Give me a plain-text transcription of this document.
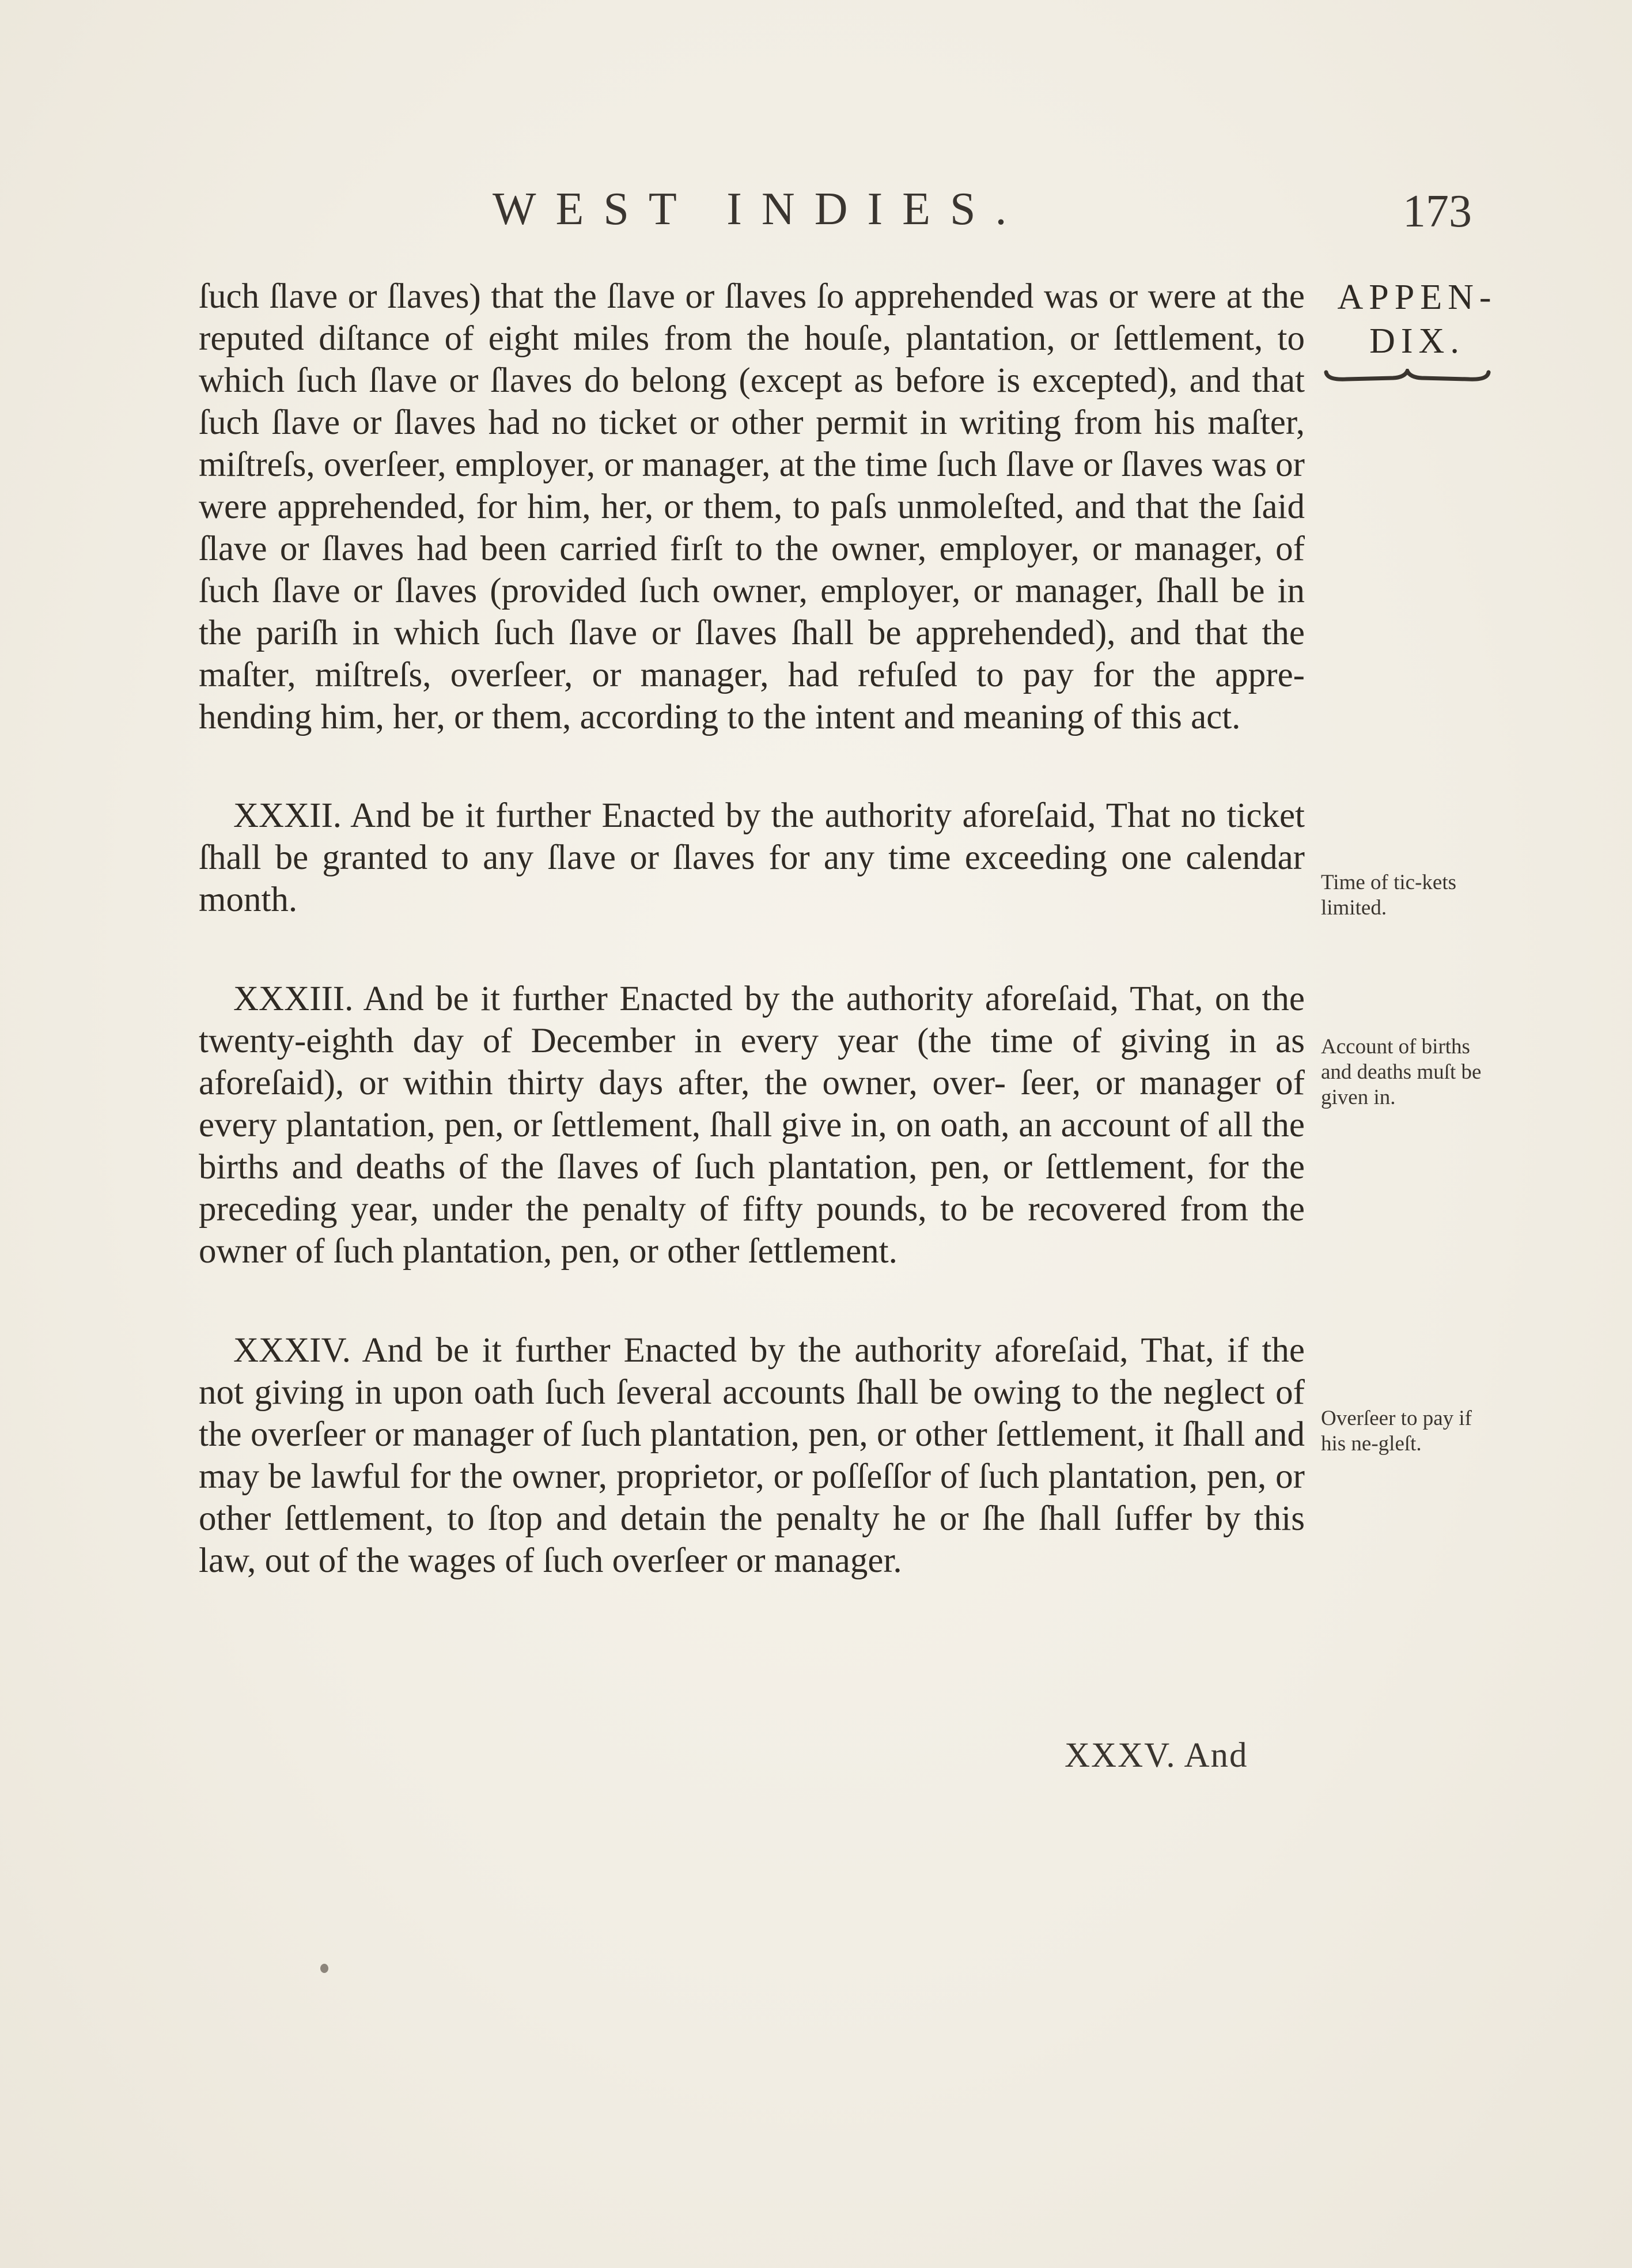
WEST INDIES.	173
APPEN-
DIX.

ſuch ſlave or ſlaves) that the ſlave or ſlaves ſo apprehended was or were at the reputed diſtance of eight miles from the houſe, plantation, or ſettlement, to which ſuch ſlave or ſlaves do belong (except as before is excepted), and that ſuch ſlave or ſlaves had no ticket or other permit in writing from his maſter, miſtreſs, overſeer, employer, or manager, at the time ſuch ſlave or ſlaves was or were apprehended, for him, her, or them, to paſs unmoleſted, and that the ſaid ſlave or ſlaves had been carried firſt to the owner, employer, or manager, of ſuch ſlave or ſlaves (provided ſuch owner, employer, or manager, ſhall be in the pariſh in which ſuch ſlave or ſlaves ſhall be apprehended), and that the maſter, miſtreſs, overſeer, or manager, had refuſed to pay for the appre- hending him, her, or them, according to the intent and meaning of this act.

XXXII. And be it further Enacted by the authority aforeſaid, That no ticket ſhall be granted to any ſlave or ſlaves for any time exceeding one calendar month.

XXXIII. And be it further Enacted by the authority aforeſaid, That, on the twenty-eighth day of December in every year (the time of giving in as aforeſaid), or within thirty days after, the owner, over- ſeer, or manager of every plantation, pen, or ſettlement, ſhall give in, on oath, an account of all the births and deaths of the ſlaves of ſuch plantation, pen, or ſettlement, for the preceding year, under the penalty of fifty pounds, to be recovered from the owner of ſuch plantation, pen, or other ſettlement.

XXXIV. And be it further Enacted by the authority aforeſaid, That, if the not giving in upon oath ſuch ſeveral accounts ſhall be owing to the neglect of the overſeer or manager of ſuch plantation, pen, or other ſettlement, it ſhall and may be lawful for the owner, proprietor, or poſſeſſor of ſuch plantation, pen, or other ſettlement, to ſtop and detain the penalty he or ſhe ſhall ſuffer by this law, out of the wages of ſuch overſeer or manager.

Time of tic-kets limited.
Account of births and deaths muſt be given in.
Overſeer to pay if his ne-gleſt.
XXXV. And
